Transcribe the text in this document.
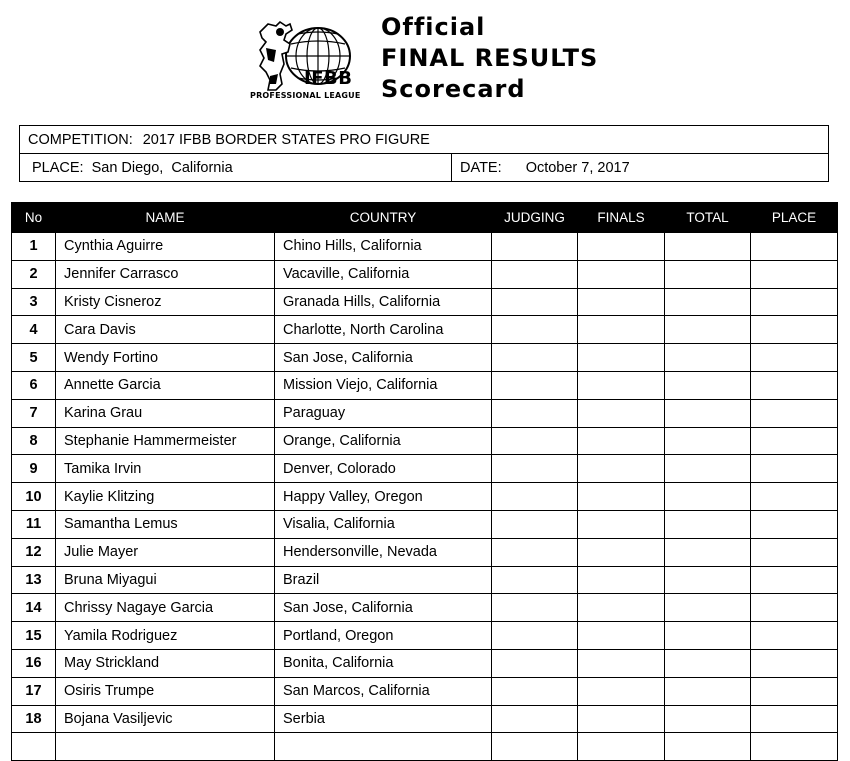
IFBB
PROFESSIONAL LEAGUE
Official
FINAL RESULTS
Scorecard
COMPETITION: 2017 IFBB BORDER STATES PRO FIGURE
PLACE: San Diego,  California	DATE: October 7, 2017
No	NAME	COUNTRY	JUDGING	FINALS	TOTAL	PLACE
1	Cynthia Aguirre	Chino Hills, California				
2	Jennifer Carrasco	Vacaville, California				
3	Kristy Cisneroz	Granada Hills, California				
4	Cara Davis	Charlotte, North Carolina				
5	Wendy Fortino	San Jose, California				
6	Annette Garcia	Mission Viejo, California				
7	Karina Grau	Paraguay				
8	Stephanie Hammermeister	Orange, California				
9	Tamika Irvin	Denver, Colorado				
10	Kaylie Klitzing	Happy Valley, Oregon				
11	Samantha Lemus	Visalia, California				
12	Julie Mayer	Hendersonville, Nevada				
13	Bruna Miyagui	Brazil				
14	Chrissy Nagaye Garcia	San Jose, California				
15	Yamila Rodriguez	Portland, Oregon				
16	May Strickland	Bonita, California				
17	Osiris Trumpe	San Marcos, California				
18	Bojana Vasiljevic	Serbia				
